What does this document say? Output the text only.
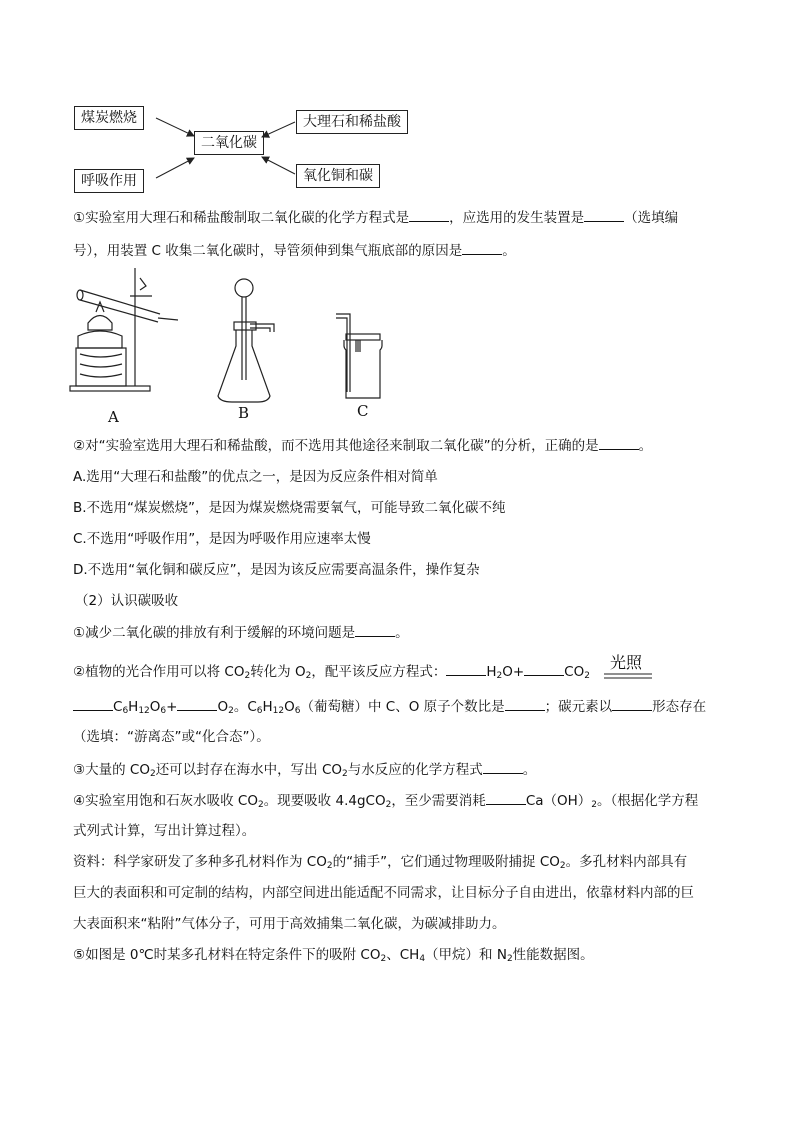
煤炭燃烧	大理石和稀盐酸
二氧化碳
呼吸作用	氧化铜和碳
①实验室用大理石和稀盐酸制取二氧化碳的化学方程式是	，应选用的发生装置是	（选填编
号），用装置 C 收集二氧化碳时，导管须伸到集气瓶底部的原因是	。
A	B	C
②对“实验室选用大理石和稀盐酸，而不选用其他途径来制取二氧化碳”的分析，正确的是	。
A.选用“大理石和盐酸”的优点之一，是因为反应条件相对简单
B.不选用“煤炭燃烧”，是因为煤炭燃烧需要氧气，可能导致二氧化碳不纯
C.不选用“呼吸作用”，是因为呼吸作用应速率太慢
D.不选用“氧化铜和碳反应”，是因为该反应需要高温条件，操作复杂
（2）认识碳吸收
①减少二氧化碳的排放有利于缓解的环境问题是	。
②植物的光合作用可以将 $CO_2$转化为 $O_2$，配平该反应方程式：	$H_2O+$	$CO_2$
光照
$C_6H_{12}O_6+$	$O_2$。$C_6H_{12}O_6$（葡萄糖）中 C、O 原子个数比是	；碳元素以	形态存在
（选填：“游离态”或“化合态”）。
③大量的 $CO_2$还可以封存在海水中，写出 $CO_2$与水反应的化学方程式	。
④实验室用饱和石灰水吸收 $CO_2$。现要吸收 4.4gCO$_2$，至少需要消耗	$Ca(OH)_2$。（根据化学方程
式列式计算，写出计算过程）。
资料：科学家研发了多种多孔材料作为 $CO_2$的“捕手”，它们通过物理吸附捕捉 $CO_2$。多孔材料内部具有
巨大的表面积和可定制的结构，内部空间进出能适配不同需求，让目标分子自由进出，依靠材料内部的巨
大表面积来“粘附”气体分子，可用于高效捕集二氧化碳，为碳减排助力。
⑤如图是 0℃时某多孔材料在特定条件下的吸附 $CO_2$、$CH_4$（甲烷）和 $N_2$性能数据图。
